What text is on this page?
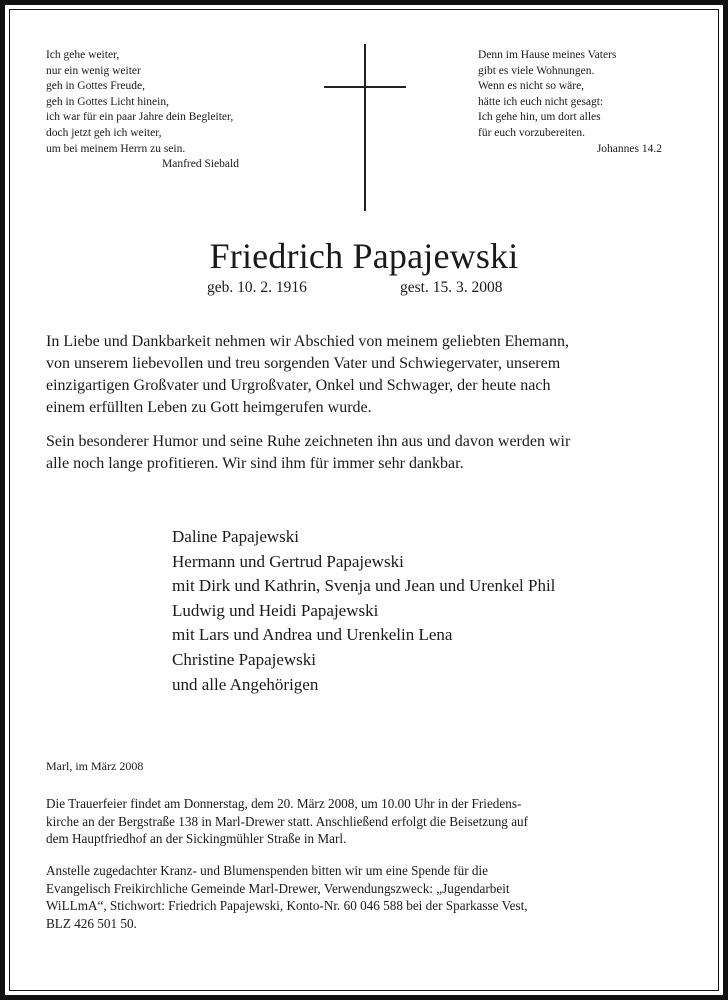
Ich gehe weiter,
nur ein wenig weiter
geh in Gottes Freude,
geh in Gottes Licht hinein,
ich war für ein paar Jahre dein Begleiter,
doch jetzt geh ich weiter,
um bei meinem Herrn zu sein.
Manfred Siebald
Denn im Hause meines Vaters
gibt es viele Wohnungen.
Wenn es nicht so wäre,
hätte ich euch nicht gesagt:
Ich gehe hin, um dort alles
für euch vorzubereiten.
Johannes 14.2
Friedrich Papajewski
geb. 10. 2. 1916	gest. 15. 3. 2008
In Liebe und Dankbarkeit nehmen wir Abschied von meinem geliebten Ehemann,
von unserem liebevollen und treu sorgenden Vater und Schwiegervater, unserem
einzigartigen Großvater und Urgroßvater, Onkel und Schwager, der heute nach
einem erfüllten Leben zu Gott heimgerufen wurde.
Sein besonderer Humor und seine Ruhe zeichneten ihn aus und davon werden wir
alle noch lange profitieren. Wir sind ihm für immer sehr dankbar.
Daline Papajewski
Hermann und Gertrud Papajewski
mit Dirk und Kathrin, Svenja und Jean und Urenkel Phil
Ludwig und Heidi Papajewski
mit Lars und Andrea und Urenkelin Lena
Christine Papajewski
und alle Angehörigen
Marl, im März 2008
Die Trauerfeier findet am Donnerstag, dem 20. März 2008, um 10.00 Uhr in der Friedens-
kirche an der Bergstraße 138 in Marl-Drewer statt. Anschließend erfolgt die Beisetzung auf
dem Hauptfriedhof an der Sickingmühler Straße in Marl.
Anstelle zugedachter Kranz- und Blumenspenden bitten wir um eine Spende für die
Evangelisch Freikirchliche Gemeinde Marl-Drewer, Verwendungszweck: „Jugendarbeit
WiLLmA“, Stichwort: Friedrich Papajewski, Konto-Nr. 60 046 588 bei der Sparkasse Vest,
BLZ 426 501 50.
